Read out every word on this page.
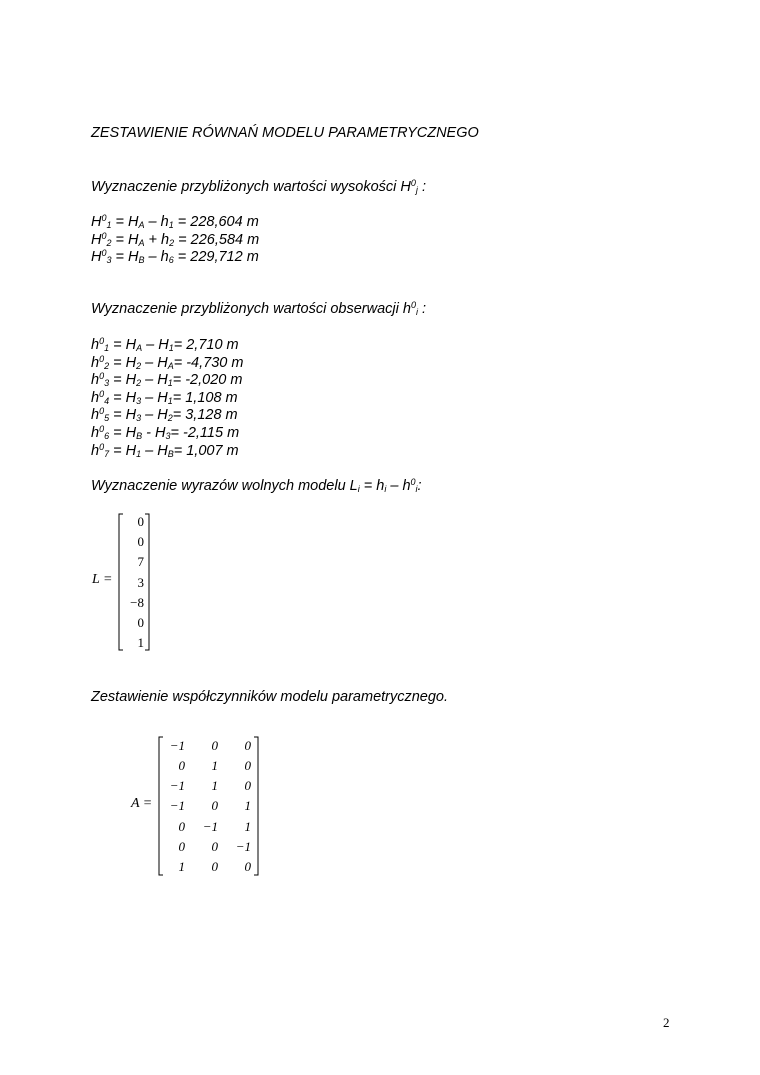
ZESTAWIENIE RÓWNAŃ MODELU PARAMETRYCZNEGO
Wyznaczenie przybliżonych wartości wysokości $H^0_j$ :
$H^0_1 = H_A - h_1 = 228,604$ m
$H^0_2 = H_A + h_2 = 226,584$ m
$H^0_3 = H_B - h_6 = 229,712$ m
Wyznaczenie przybliżonych wartości obserwacji $h^0_i$ :
$h^0_1 = H_A - H_1= 2,710$ m
$h^0_2 = H_2 - H_A= -4,730$ m
$h^0_3 = H_2 - H_1= -2,020$ m
$h^0_4 = H_3 - H_1= 1,108$ m
$h^0_5 = H_3 - H_2= 3,128$ m
$h^0_6 = H_B - H_3= -2,115$ m
$h^0_7 = H_1 - H_B= 1,007$ m
Wyznaczenie wyrazów wolnych modelu $L_i = h_i - h^0_i$:
L =
0
0
7
3
−8
0
1
Zestawienie współczynników modelu parametrycznego.
A =
−1 0 0
0 1 0
−1 1 0
−1 0 1
0 −1 1
0 0 −1
1 0 0
2
